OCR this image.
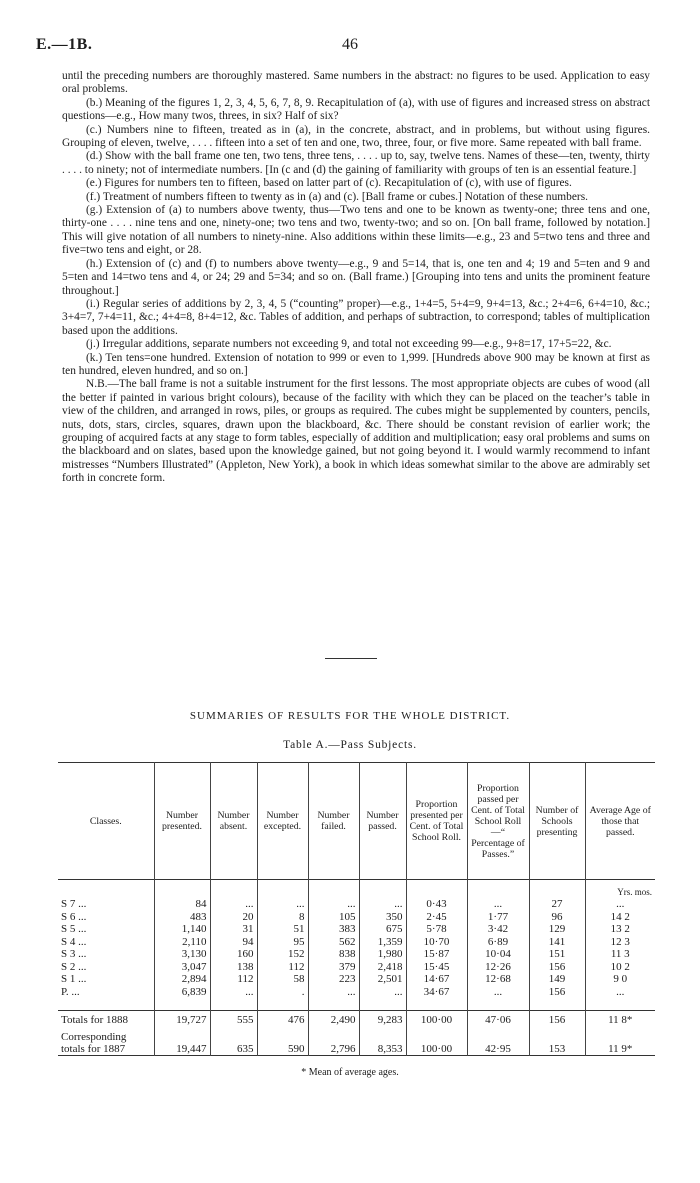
E.—1B.	46

until the preceding numbers are thoroughly mastered. Same numbers in the abstract: no figures to be used. Application to easy oral problems.

(b.) Meaning of the figures 1, 2, 3, 4, 5, 6, 7, 8, 9. Recapitulation of (a), with use of figures and increased stress on abstract questions—e.g., How many twos, threes, in six? Half of six?

(c.) Numbers nine to fifteen, treated as in (a), in the concrete, abstract, and in problems, but without using figures. Grouping of eleven, twelve, . . . . fifteen into a set of ten and one, two, three, four, or five more. Same repeated with ball frame.

(d.) Show with the ball frame one ten, two tens, three tens, . . . . up to, say, twelve tens. Names of these—ten, twenty, thirty . . . . to ninety; not of intermediate numbers. [In (c and (d) the gaining of familiarity with groups of ten is an essential feature.]

(e.) Figures for numbers ten to fifteen, based on latter part of (c). Recapitulation of (c), with use of figures.

(f.) Treatment of numbers fifteen to twenty as in (a) and (c). [Ball frame or cubes.] Notation of these numbers.

(g.) Extension of (a) to numbers above twenty, thus—Two tens and one to be known as twenty-one; three tens and one, thirty-one . . . . nine tens and one, ninety-one; two tens and two, twenty-two; and so on. [On ball frame, followed by notation.] This will give notation of all numbers to ninety-nine. Also additions within these limits—e.g., 23 and 5=two tens and three and five=two tens and eight, or 28.

(h.) Extension of (c) and (f) to numbers above twenty—e.g., 9 and 5=14, that is, one ten and 4; 19 and 5=ten and 9 and 5=ten and 14=two tens and 4, or 24; 29 and 5=34; and so on. (Ball frame.) [Grouping into tens and units the prominent feature throughout.]

(i.) Regular series of additions by 2, 3, 4, 5 (“counting” proper)—e.g., 1+4=5, 5+4=9, 9+4=13, &c.; 2+4=6, 6+4=10, &c.; 3+4=7, 7+4=11, &c.; 4+4=8, 8+4=12, &c. Tables of addition, and perhaps of subtraction, to correspond; tables of multiplication based upon the additions.

(j.) Irregular additions, separate numbers not exceeding 9, and total not exceeding 99—e.g., 9+8=17, 17+5=22, &c.

(k.) Ten tens=one hundred. Extension of notation to 999 or even to 1,999. [Hundreds above 900 may be known at first as ten hundred, eleven hundred, and so on.]

N.B.—The ball frame is not a suitable instrument for the first lessons. The most appropriate objects are cubes of wood (all the better if painted in various bright colours), because of the facility with which they can be placed on the teacher’s table in view of the children, and arranged in rows, piles, or groups as required. The cubes might be supplemented by counters, pencils, nuts, dots, stars, circles, squares, drawn upon the blackboard, &c. There should be constant revision of earlier work; the grouping of acquired facts at any stage to form tables, especially of addition and multiplication; easy oral problems and sums on the blackboard and on slates, based upon the knowledge gained, but not going beyond it. I would warmly recommend to infant mistresses “Numbers Illustrated” (Appleton, New York), a book in which ideas somewhat similar to the above are admirably set forth in concrete form.

SUMMARIES OF RESULTS FOR THE WHOLE DISTRICT.
Table A.—Pass Subjects.
Classes.	Number presented.	Number absent.	Number excepted.	Number failed.	Number passed.	Proportion presented per Cent. of Total School Roll.	Proportion passed per Cent. of Total School Roll —“ Percentage of Passes.”	Number of Schools presenting	Average Age of those that passed.
									Yrs. mos.
S 7 ...	84	...	...	...	...	0·43	...	27	...
S 6 ...	483	20	8	105	350	2·45	1·77	96	14 2
S 5 ...	1,140	31	51	383	675	5·78	3·42	129	13 2
S 4 ...	2,110	94	95	562	1,359	10·70	6·89	141	12 3
S 3 ...	3,130	160	152	838	1,980	15·87	10·04	151	11 3
S 2 ...	3,047	138	112	379	2,418	15·45	12·26	156	10 2
S 1 ...	2,894	112	58	223	2,501	14·67	12·68	149	9 0
P. ...	6,839	...	.	...	...	34·67	...	156	...

Totals for 1888	19,727	555	476	2,490	9,283	100·00	47·06	156	11 8*
Corresponding totals for 1887	19,447	635	590	2,796	8,353	100·00	42·95	153	11 9*
* Mean of average ages.
